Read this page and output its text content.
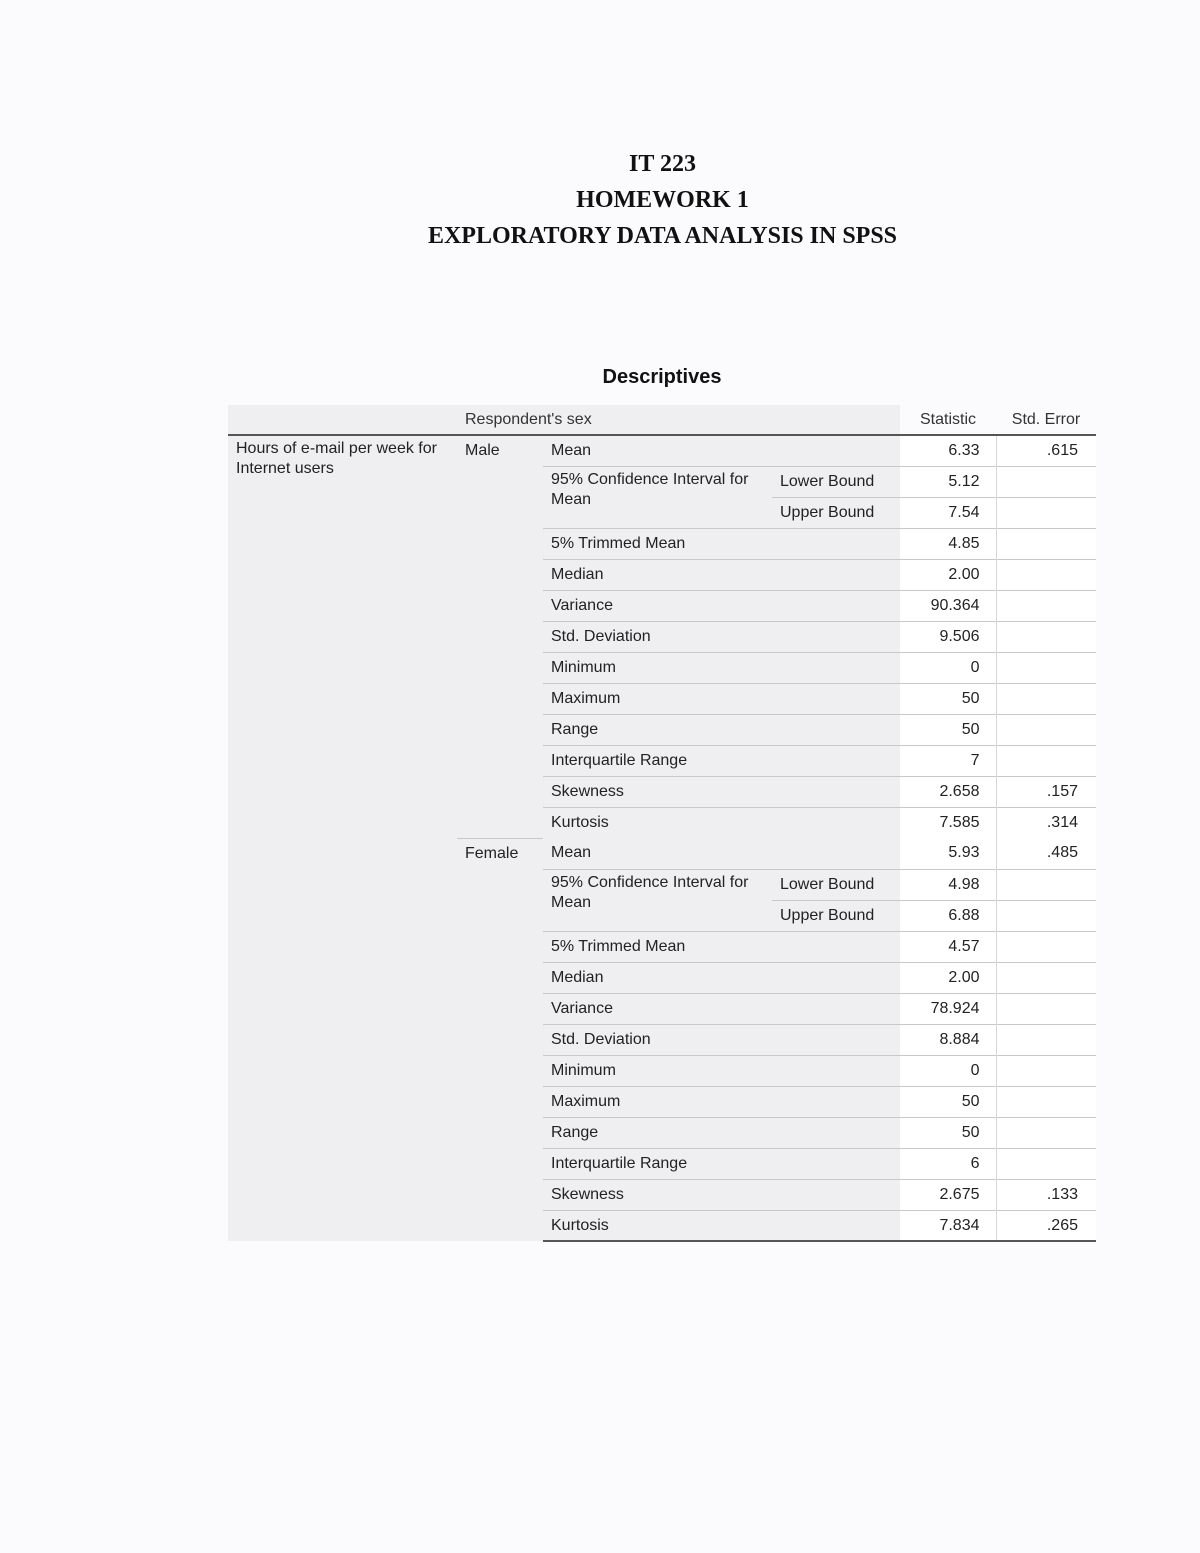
IT 223
HOMEWORK 1
EXPLORATORY DATA ANALYSIS IN SPSS
Descriptives
	Respondent's sex			Statistic	Std. Error
Hours of e-mail per week for Internet users	Male	Mean		6.33	.615
		95% Confidence Interval for Mean	Lower Bound	5.12	
			Upper Bound	7.54	
		5% Trimmed Mean		4.85	
		Median		2.00	
		Variance		90.364	
		Std. Deviation		9.506	
		Minimum		0	
		Maximum		50	
		Range		50	
		Interquartile Range		7	
		Skewness		2.658	.157
		Kurtosis		7.585	.314
	Female	Mean		5.93	.485
		95% Confidence Interval for Mean	Lower Bound	4.98	
			Upper Bound	6.88	
		5% Trimmed Mean		4.57	
		Median		2.00	
		Variance		78.924	
		Std. Deviation		8.884	
		Minimum		0	
		Maximum		50	
		Range		50	
		Interquartile Range		6	
		Skewness		2.675	.133
		Kurtosis		7.834	.265
